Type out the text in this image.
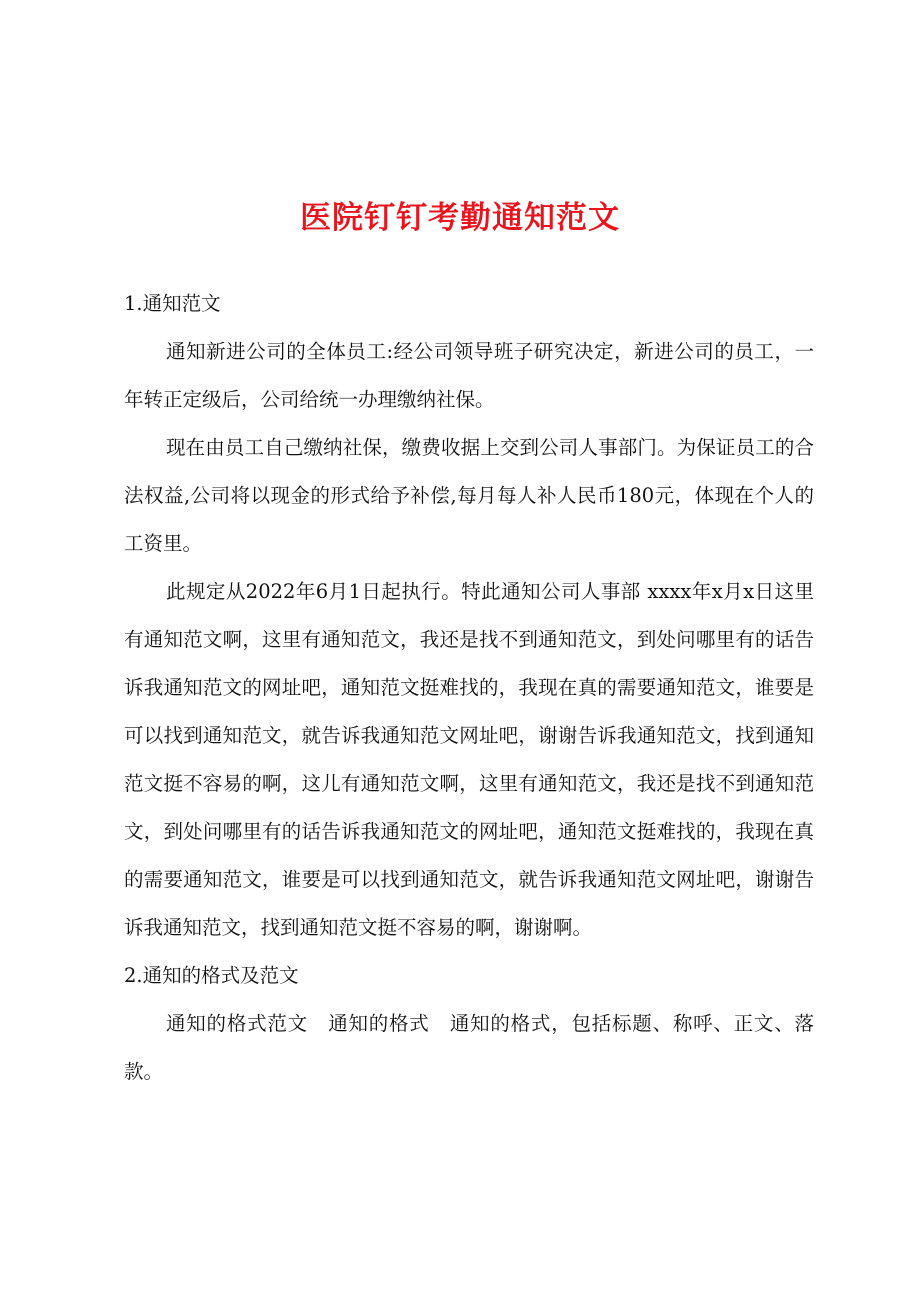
医院钉钉考勤通知范文

1.通知范文

通知新进公司的全体员工:经公司领导班子研究决定，新进公司的员工，一年转正定级后，公司给统一办理缴纳社保。

现在由员工自己缴纳社保，缴费收据上交到公司人事部门。为保证员工的合法权益,公司将以现金的形式给予补偿,每月每人补人民币180元，体现在个人的工资里。

此规定从2022年6月1日起执行。特此通知公司人事部 xxxx年x月x日这里有通知范文啊，这里有通知范文，我还是找不到通知范文，到处问哪里有的话告诉我通知范文的网址吧，通知范文挺难找的，我现在真的需要通知范文，谁要是可以找到通知范文，就告诉我通知范文网址吧，谢谢告诉我通知范文，找到通知范文挺不容易的啊，这儿有通知范文啊，这里有通知范文，我还是找不到通知范文，到处问哪里有的话告诉我通知范文的网址吧，通知范文挺难找的，我现在真的需要通知范文，谁要是可以找到通知范文，就告诉我通知范文网址吧，谢谢告诉我通知范文，找到通知范文挺不容易的啊，谢谢啊。

2.通知的格式及范文

通知的格式范文　通知的格式　通知的格式，包括标题、称呼、正文、落款。
